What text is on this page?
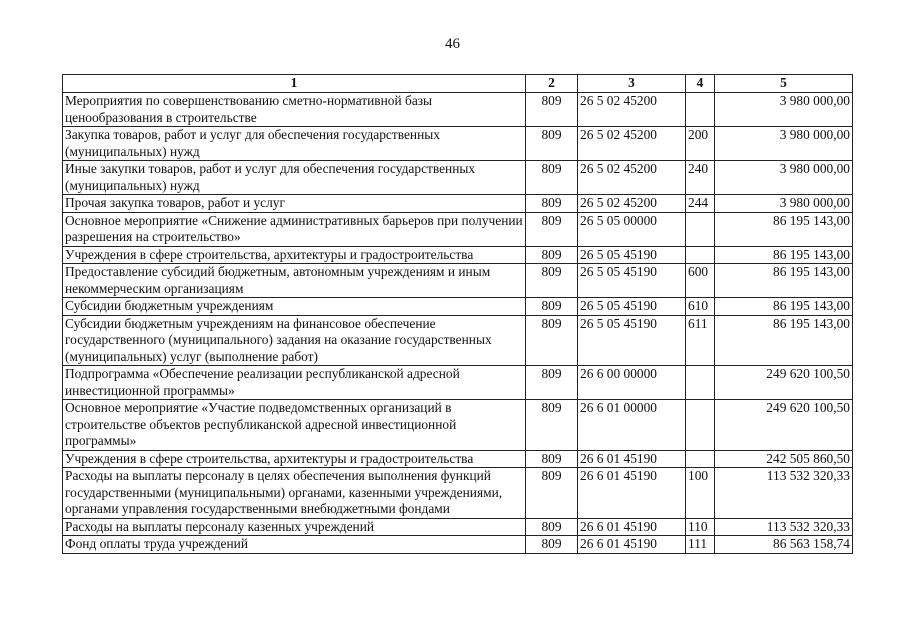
46
1	2	3	4	5
Мероприятия по совершенствованию сметно-нормативной базы ценообразования в строительстве	809	26 5 02 45200		3 980 000,00
Закупка товаров, работ и услуг для обеспечения государственных (муниципальных) нужд	809	26 5 02 45200	200	3 980 000,00
Иные закупки товаров, работ и услуг для обеспечения государственных (муниципальных) нужд	809	26 5 02 45200	240	3 980 000,00
Прочая закупка товаров, работ и услуг	809	26 5 02 45200	244	3 980 000,00
Основное мероприятие «Снижение административных барьеров при получении разрешения на строительство»	809	26 5 05 00000		86 195 143,00
Учреждения в сфере строительства, архитектуры и градостроительства	809	26 5 05 45190		86 195 143,00
Предоставление субсидий бюджетным, автономным учреждениям и иным некоммерческим организациям	809	26 5 05 45190	600	86 195 143,00
Субсидии бюджетным учреждениям	809	26 5 05 45190	610	86 195 143,00
Субсидии бюджетным учреждениям на финансовое обеспечение государственного (муниципального) задания на оказание государственных (муниципальных) услуг (выполнение работ)	809	26 5 05 45190	611	86 195 143,00
Подпрограмма «Обеспечение реализации республиканской адресной инвестиционной программы»	809	26 6 00 00000		249 620 100,50
Основное мероприятие «Участие подведомственных организаций в строительстве объектов республиканской адресной инвестиционной программы»	809	26 6 01 00000		249 620 100,50
Учреждения в сфере строительства, архитектуры и градостроительства	809	26 6 01 45190		242 505 860,50
Расходы на выплаты персоналу в целях обеспечения выполнения функций государственными (муниципальными) органами, казенными учреждениями, органами управления государственными внебюджетными фондами	809	26 6 01 45190	100	113 532 320,33
Расходы на выплаты персоналу казенных учреждений	809	26 6 01 45190	110	113 532 320,33
Фонд оплаты труда учреждений	809	26 6 01 45190	111	86 563 158,74
